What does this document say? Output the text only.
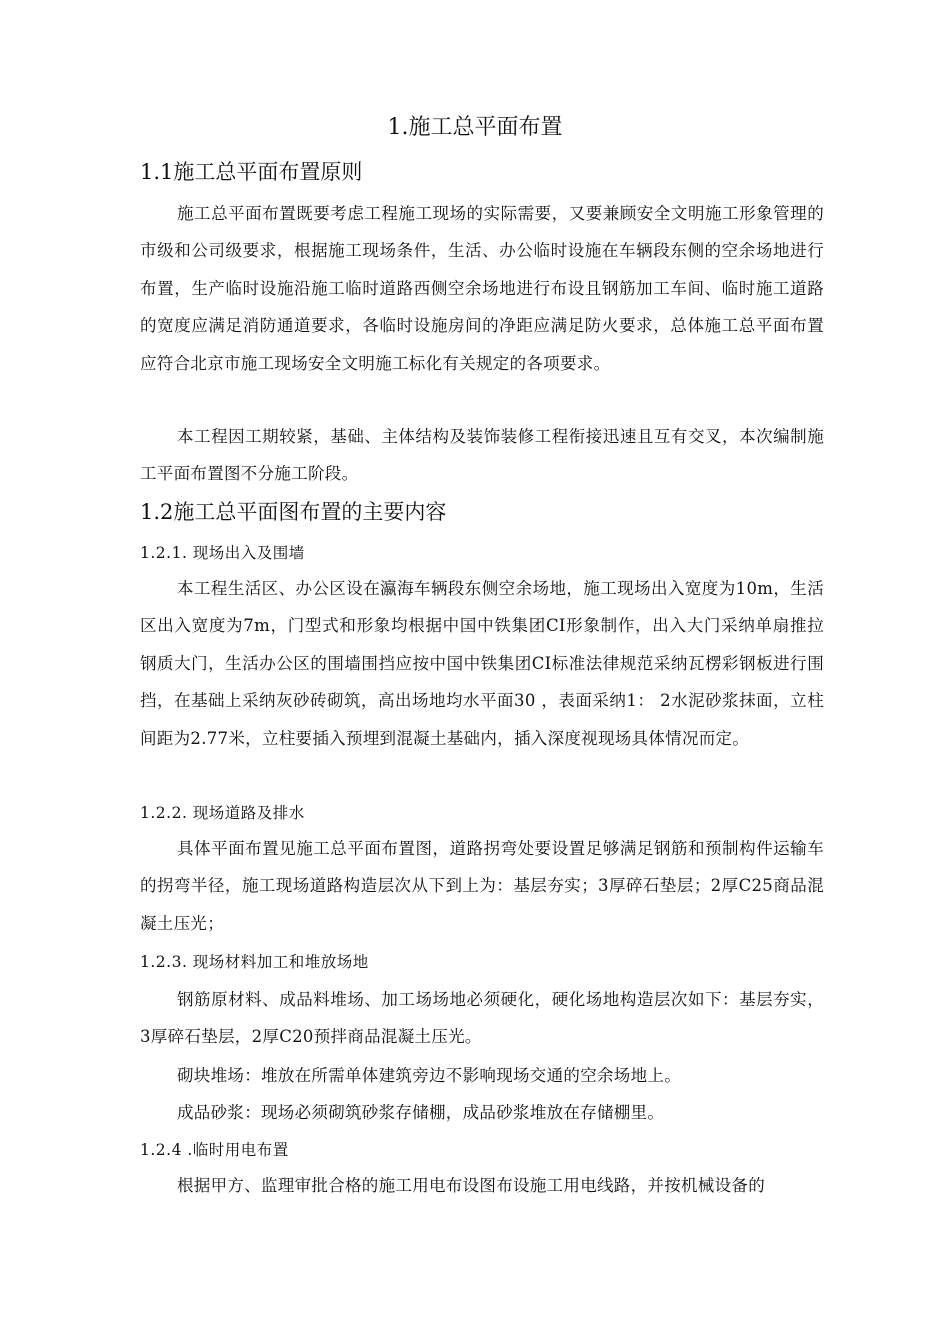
1.施工总平面布置
1.1施工总平面布置原则
施工总平面布置既要考虑工程施工现场的实际需要，又要兼顾安全文明施工形象管理的市级和公司级要求，根据施工现场条件，生活、办公临时设施在车辆段东侧的空余场地进行布置，生产临时设施沿施工临时道路西侧空余场地进行布设且钢筋加工车间、临时施工道路的宽度应满足消防通道要求，各临时设施房间的净距应满足防火要求，总体施工总平面布置应符合北京市施工现场安全文明施工标化有关规定的各项要求。
本工程因工期较紧，基础、主体结构及装饰装修工程衔接迅速且互有交叉，本次编制施工平面布置图不分施工阶段。
1.2施工总平面图布置的主要内容
1.2.1. 现场出入及围墙
本工程生活区、办公区设在瀛海车辆段东侧空余场地，施工现场出入宽度为10m，生活区出入宽度为7m，门型式和形象均根据中国中铁集团CI形象制作，出入大门采纳单扇推拉钢质大门，生活办公区的围墙围挡应按中国中铁集团CI标准法律规范采纳瓦楞彩钢板进行围挡，在基础上采纳灰砂砖砌筑，高出场地均水平面30 ，表面采纳1： 2水泥砂浆抹面，立柱间距为2.77米，立柱要插入预埋到混凝土基础内，插入深度视现场具体情况而定。
1.2.2. 现场道路及排水
具体平面布置见施工总平面布置图，道路拐弯处要设置足够满足钢筋和预制构件运输车的拐弯半径，施工现场道路构造层次从下到上为：基层夯实；3厚碎石垫层；2厚C25商品混凝土压光；
1.2.3. 现场材料加工和堆放场地
钢筋原材料、成品料堆场、加工场场地必须硬化，硬化场地构造层次如下：基层夯实，3厚碎石垫层，2厚C20预拌商品混凝土压光。
砌块堆场：堆放在所需单体建筑旁边不影响现场交通的空余场地上。
成品砂浆：现场必须砌筑砂浆存储棚，成品砂浆堆放在存储棚里。
1.2.4 .临时用电布置
根据甲方、监理审批合格的施工用电布设图布设施工用电线路，并按机械设备的
